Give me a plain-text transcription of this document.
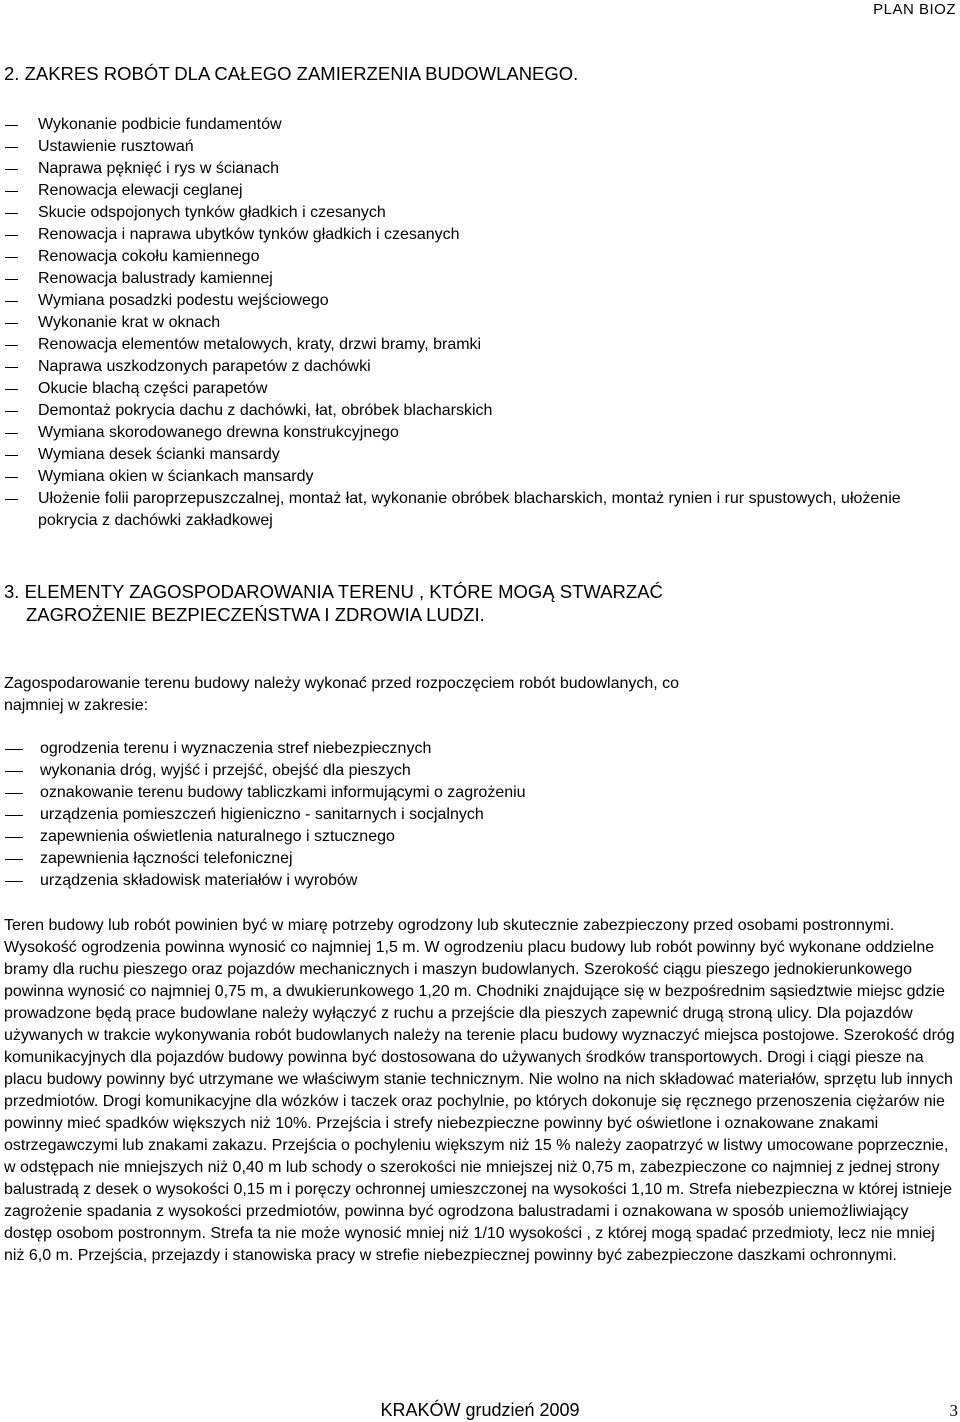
PLAN BIOZ
2. ZAKRES ROBÓT DLA CAŁEGO ZAMIERZENIA BUDOWLANEGO.
Wykonanie podbicie fundamentów
Ustawienie rusztowań
Naprawa pęknięć i rys w ścianach
Renowacja elewacji ceglanej
Skucie odspojonych tynków gładkich i czesanych
Renowacja i naprawa ubytków tynków gładkich i czesanych
Renowacja cokołu kamiennego
Renowacja balustrady kamiennej
Wymiana posadzki podestu wejściowego
Wykonanie krat w oknach
Renowacja elementów metalowych, kraty, drzwi bramy, bramki
Naprawa uszkodzonych parapetów z dachówki
Okucie blachą części parapetów
Demontaż pokrycia dachu z dachówki, łat, obróbek blacharskich
Wymiana skorodowanego drewna konstrukcyjnego
Wymiana desek ścianki mansardy
Wymiana okien w ściankach mansardy
Ułożenie folii paroprzepuszczalnej, montaż łat, wykonanie obróbek blacharskich, montaż rynien i rur spustowych, ułożenie pokrycia z dachówki zakładkowej
3. ELEMENTY ZAGOSPODAROWANIA TERENU , KTÓRE MOGĄ STWARZAĆ
ZAGROŻENIE BEZPIECZEŃSTWA I ZDROWIA LUDZI.
Zagospodarowanie terenu budowy należy wykonać przed rozpoczęciem robót budowlanych, co najmniej w zakresie:
ogrodzenia terenu i wyznaczenia stref niebezpiecznych
wykonania dróg, wyjść i przejść, obejść dla pieszych
oznakowanie terenu budowy tabliczkami informującymi o zagrożeniu
urządzenia pomieszczeń higieniczno - sanitarnych i socjalnych
zapewnienia oświetlenia naturalnego i sztucznego
zapewnienia łączności telefonicznej
urządzenia składowisk materiałów i wyrobów
Teren budowy lub robót powinien być w miarę potrzeby ogrodzony lub skutecznie zabezpieczony przed osobami postronnymi. Wysokość ogrodzenia powinna wynosić co najmniej 1,5 m. W ogrodzeniu placu budowy lub robót powinny być wykonane oddzielne bramy dla ruchu pieszego oraz pojazdów mechanicznych i maszyn budowlanych. Szerokość ciągu pieszego jednokierunkowego powinna wynosić co najmniej 0,75 m, a dwukierunkowego 1,20 m. Chodniki znajdujące się w bezpośrednim sąsiedztwie miejsc gdzie prowadzone będą prace budowlane należy wyłączyć z ruchu a przejście dla pieszych zapewnić drugą stroną ulicy. Dla pojazdów używanych w trakcie wykonywania robót budowlanych należy na terenie placu budowy wyznaczyć miejsca postojowe. Szerokość dróg komunikacyjnych dla pojazdów budowy powinna być dostosowana do używanych środków transportowych. Drogi i ciągi piesze na placu budowy powinny być utrzymane we właściwym stanie technicznym. Nie wolno na nich składować materiałów, sprzętu lub innych przedmiotów. Drogi komunikacyjne dla wózków i taczek oraz pochylnie, po których dokonuje się ręcznego przenoszenia ciężarów nie powinny mieć spadków większych niż 10%. Przejścia i strefy niebezpieczne powinny być oświetlone i oznakowane znakami ostrzegawczymi lub znakami zakazu. Przejścia o pochyleniu większym niż 15 % należy zaopatrzyć w listwy umocowane poprzecznie, w odstępach nie mniejszych niż 0,40 m lub schody o szerokości nie mniejszej niż 0,75 m, zabezpieczone co najmniej z jednej strony balustradą z desek o wysokości 0,15 m i poręczy ochronnej umieszczonej na wysokości 1,10 m. Strefa niebezpieczna w której istnieje zagrożenie spadania z wysokości przedmiotów, powinna być ogrodzona balustradami i oznakowana w sposób uniemożliwiający dostęp osobom postronnym. Strefa ta nie może wynosić mniej niż 1/10 wysokości , z której mogą spadać przedmioty, lecz nie mniej niż 6,0 m. Przejścia, przejazdy i stanowiska pracy w strefie niebezpiecznej powinny być zabezpieczone daszkami ochronnymi.
KRAKÓW grudzień 2009	3
